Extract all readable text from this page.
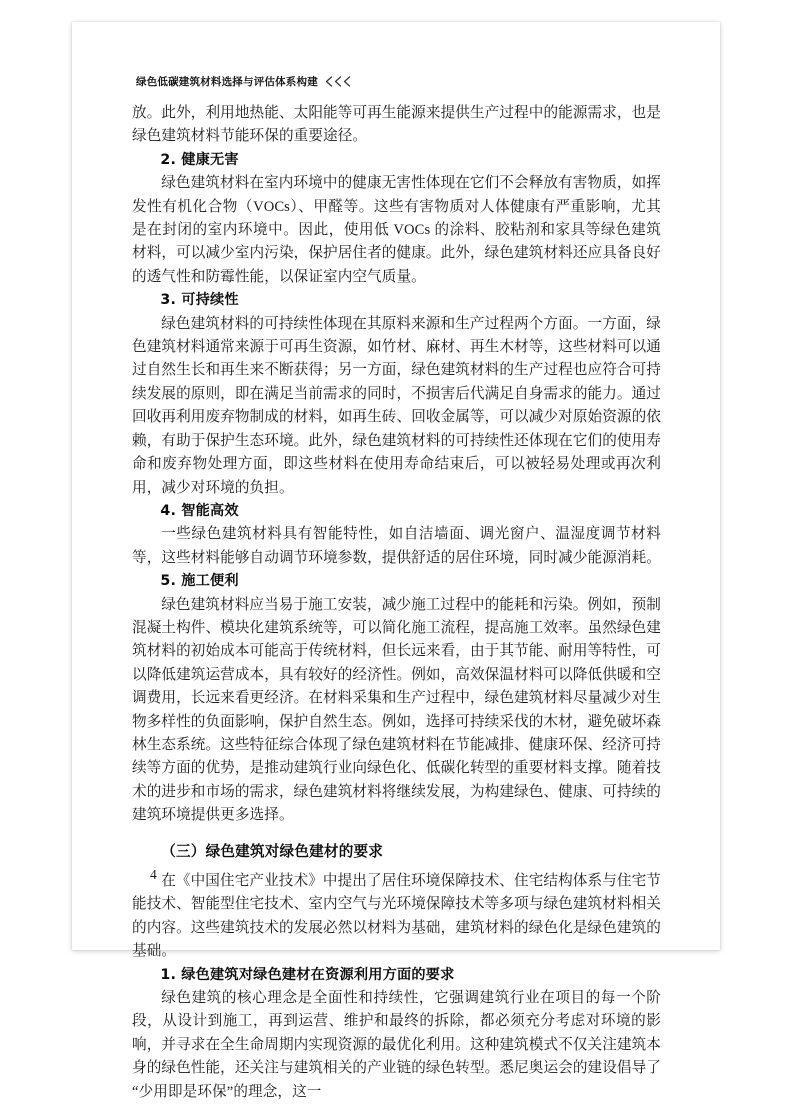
绿色低碳建筑材料选择与评估体系构建

放。此外，利用地热能、太阳能等可再生能源来提供生产过程中的能源需求，也是绿色建筑材料节能环保的重要途径。

2. 健康无害

绿色建筑材料在室内环境中的健康无害性体现在它们不会释放有害物质，如挥发性有机化合物（VOCs）、甲醛等。这些有害物质对人体健康有严重影响，尤其是在封闭的室内环境中。因此，使用低 VOCs 的涂料、胶粘剂和家具等绿色建筑材料，可以减少室内污染，保护居住者的健康。此外，绿色建筑材料还应具备良好的透气性和防霉性能，以保证室内空气质量。

3. 可持续性

绿色建筑材料的可持续性体现在其原料来源和生产过程两个方面。一方面，绿色建筑材料通常来源于可再生资源，如竹材、麻材、再生木材等，这些材料可以通过自然生长和再生来不断获得；另一方面，绿色建筑材料的生产过程也应符合可持续发展的原则，即在满足当前需求的同时，不损害后代满足自身需求的能力。通过回收再利用废弃物制成的材料，如再生砖、回收金属等，可以减少对原始资源的依赖，有助于保护生态环境。此外，绿色建筑材料的可持续性还体现在它们的使用寿命和废弃物处理方面，即这些材料在使用寿命结束后，可以被轻易处理或再次利用，减少对环境的负担。

4. 智能高效

一些绿色建筑材料具有智能特性，如自洁墙面、调光窗户、温湿度调节材料等，这些材料能够自动调节环境参数，提供舒适的居住环境，同时减少能源消耗。

5. 施工便利

绿色建筑材料应当易于施工安装，减少施工过程中的能耗和污染。例如，预制混凝土构件、模块化建筑系统等，可以简化施工流程，提高施工效率。虽然绿色建筑材料的初始成本可能高于传统材料，但长远来看，由于其节能、耐用等特性，可以降低建筑运营成本，具有较好的经济性。例如，高效保温材料可以降低供暖和空调费用，长远来看更经济。在材料采集和生产过程中，绿色建筑材料尽量减少对生物多样性的负面影响，保护自然生态。例如，选择可持续采伐的木材，避免破坏森林生态系统。这些特征综合体现了绿色建筑材料在节能减排、健康环保、经济可持续等方面的优势，是推动建筑行业向绿色化、低碳化转型的重要材料支撑。随着技术的进步和市场的需求，绿色建筑材料将继续发展，为构建绿色、健康、可持续的建筑环境提供更多选择。

（三）绿色建筑对绿色建材的要求

在《中国住宅产业技术》中提出了居住环境保障技术、住宅结构体系与住宅节能技术、智能型住宅技术、室内空气与光环境保障技术等多项与绿色建筑材料相关的内容。这些建筑技术的发展必然以材料为基础，建筑材料的绿色化是绿色建筑的基础。

1. 绿色建筑对绿色建材在资源利用方面的要求

绿色建筑的核心理念是全面性和持续性，它强调建筑行业在项目的每一个阶段，从设计到施工，再到运营、维护和最终的拆除，都必须充分考虑对环境的影响，并寻求在全生命周期内实现资源的最优化利用。这种建筑模式不仅关注建筑本身的绿色性能，还关注与建筑相关的产业链的绿色转型。悉尼奥运会的建设倡导了“少用即是环保”的理念，这一

4
